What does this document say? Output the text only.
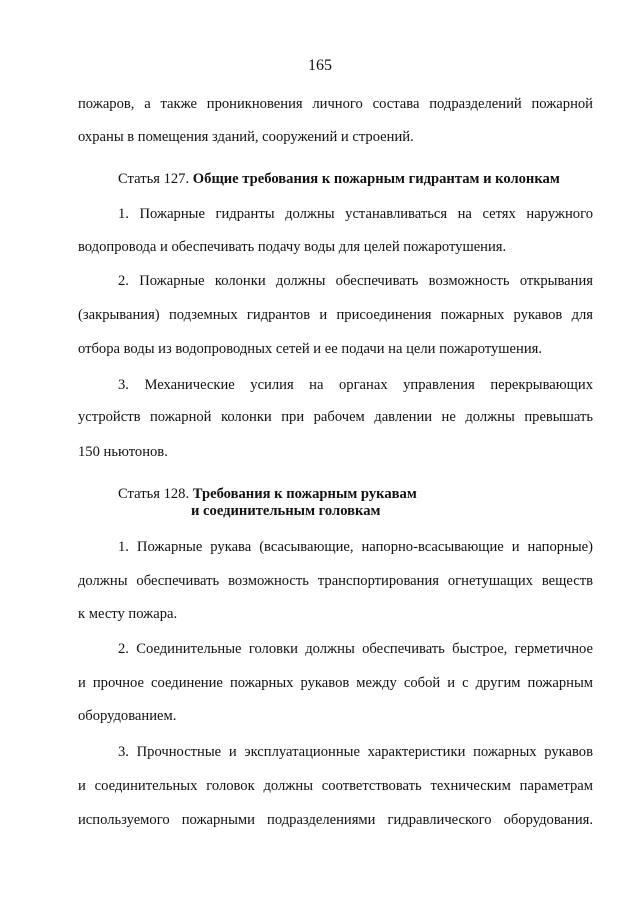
165
пожаров, а также проникновения личного состава подразделений пожарной
охраны в помещения зданий, сооружений и строений.
Статья 127. Общие требования к пожарным гидрантам и колонкам
1. Пожарные гидранты должны устанавливаться на сетях наружного
водопровода и обеспечивать подачу воды для целей пожаротушения.
2. Пожарные колонки должны обеспечивать возможность открывания
(закрывания) подземных гидрантов и присоединения пожарных рукавов для
отбора воды из водопроводных сетей и ее подачи на цели пожаротушения.
3. Механические усилия на органах управления перекрывающих
устройств пожарной колонки при рабочем давлении не должны превышать
150 ньютонов.
Статья 128. Требования к пожарным рукавам
и соединительным головкам
1. Пожарные рукава (всасывающие, напорно-всасывающие и напорные)
должны обеспечивать возможность транспортирования огнетушащих веществ
к месту пожара.
2. Соединительные головки должны обеспечивать быстрое, герметичное
и прочное соединение пожарных рукавов между собой и с другим пожарным
оборудованием.
3. Прочностные и эксплуатационные характеристики пожарных рукавов
и соединительных головок должны соответствовать техническим параметрам
используемого пожарными подразделениями гидравлического оборудования.
